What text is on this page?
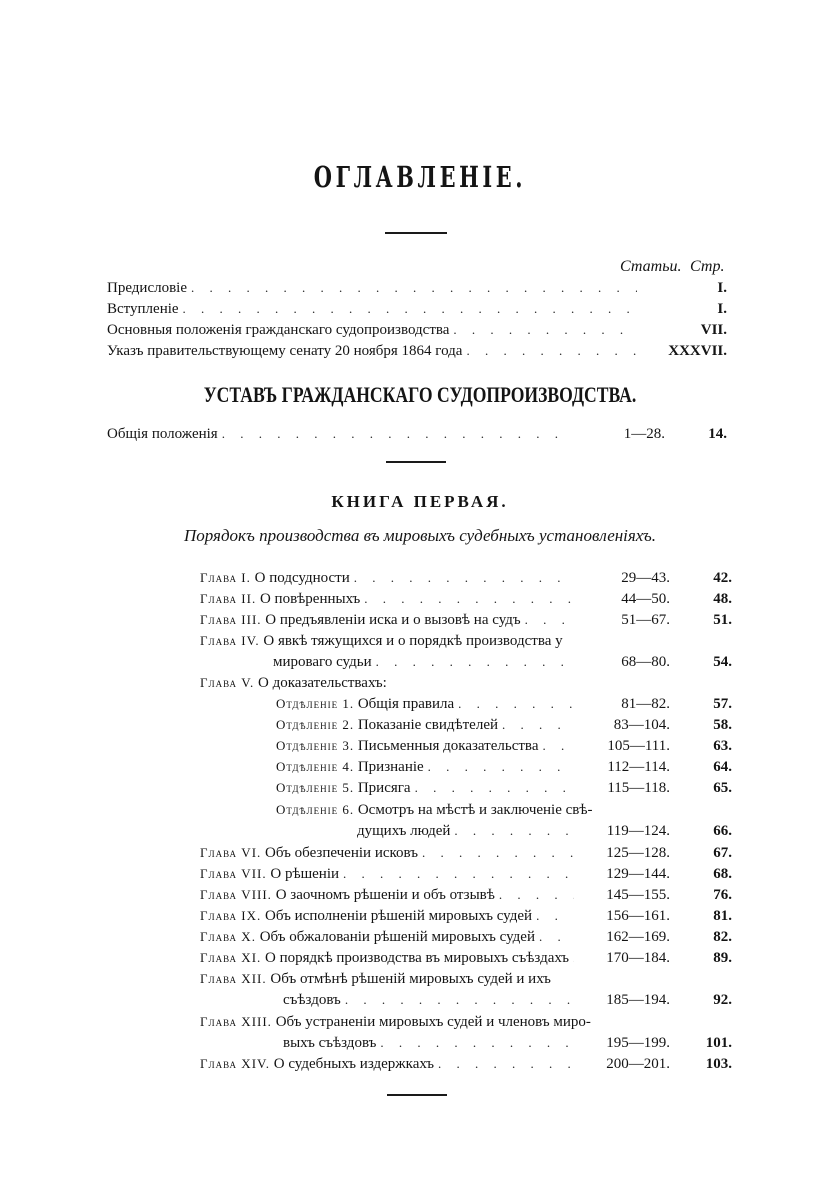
ОГЛАВЛЕНІЕ.
Статьи. Стр.
Предисловіе . . .	I.
Вступленіе . . .	I.
Основныя положенія гражданскаго судопроизводства . . .	VII.
Указъ правительствующему сенату 20 ноября 1864 года . . .	XXXVII.
УСТАВЪ ГРАЖДАНСКАГО СУДОПРОИЗВОДСТВА.
Общія положенія . . .	1—28.	14.
КНИГА ПЕРВАЯ.
Порядокъ производства въ мировыхъ судебныхъ установленіяхъ.
Глава I. О подсудности . . .	29—43.	42.
Глава II. О повѣренныхъ . . .	44—50.	48.
Глава III. О предъявленіи иска и о вызовѣ на судъ . . .	51—67.	51.
Глава IV. О явкѣ тяжущихся и о порядкѣ производства у
мироваго судьи . . .	68—80.	54.
Глава V. О доказательствахъ:
Отдѣленіе 1. Общія правила . . .	81—82.	57.
Отдѣленіе 2. Показаніе свидѣтелей . . .	83—104.	58.
Отдѣленіе 3. Письменныя доказательства . . .	105—111.	63.
Отдѣленіе 4. Признаніе . . .	112—114.	64.
Отдѣленіе 5. Присяга . . .	115—118.	65.
Отдѣленіе 6. Осмотръ на мѣстѣ и заключеніе свѣ-
дущихъ людей . . .	119—124.	66.
Глава VI. Объ обезпеченіи исковъ . . .	125—128.	67.
Глава VII. О рѣшеніи . . .	129—144.	68.
Глава VIII. О заочномъ рѣшеніи и объ отзывѣ . . .	145—155.	76.
Глава IX. Объ исполненіи рѣшеній мировыхъ судей . . .	156—161.	81.
Глава X. Объ обжалованіи рѣшеній мировыхъ судей . . .	162—169.	82.
Глава XI. О порядкѣ производства въ мировыхъ съѣздахъ . . .	170—184.	89.
Глава XII. Объ отмѣнѣ рѣшеній мировыхъ судей и ихъ
съѣздовъ . . .	185—194.	92.
Глава XIII. Объ устраненіи мировыхъ судей и членовъ миро-
выхъ съѣздовъ . . .	195—199.	101.
Глава XIV. О судебныхъ издержкахъ . . .	200—201.	103.
